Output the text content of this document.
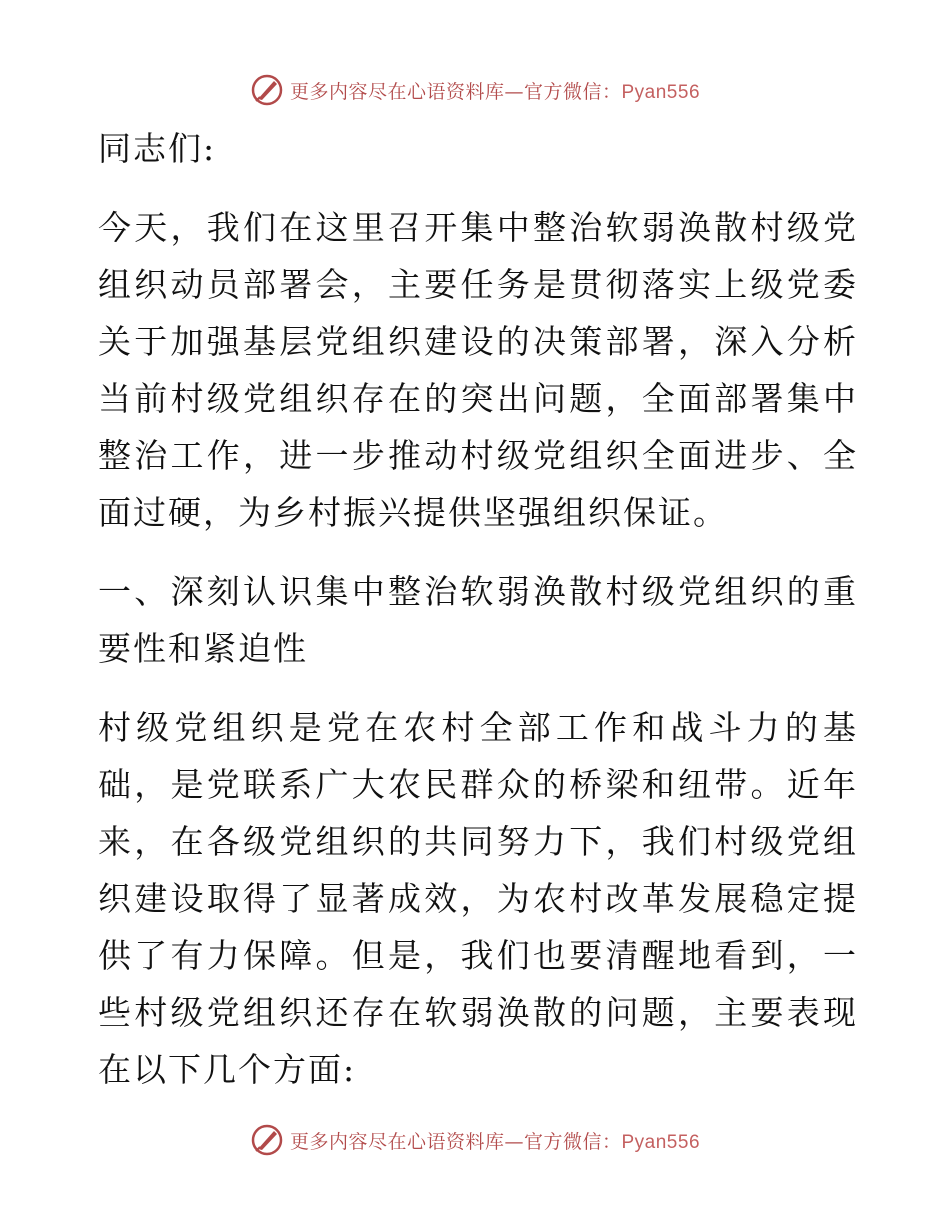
更多内容尽在心语资料库—官方微信：Pyan556

同志们:

今天，我们在这里召开集中整治软弱涣散村级党组织动员部署会，主要任务是贯彻落实上级党委关于加强基层党组织建设的决策部署，深入分析当前村级党组织存在的突出问题，全面部署集中整治工作，进一步推动村级党组织全面进步、全面过硬，为乡村振兴提供坚强组织保证。

一、深刻认识集中整治软弱涣散村级党组织的重要性和紧迫性

村级党组织是党在农村全部工作和战斗力的基础，是党联系广大农民群众的桥梁和纽带。近年来，在各级党组织的共同努力下，我们村级党组织建设取得了显著成效，为农村改革发展稳定提供了有力保障。但是，我们也要清醒地看到，一些村级党组织还存在软弱涣散的问题，主要表现在以下几个方面:

更多内容尽在心语资料库—官方微信：Pyan556
